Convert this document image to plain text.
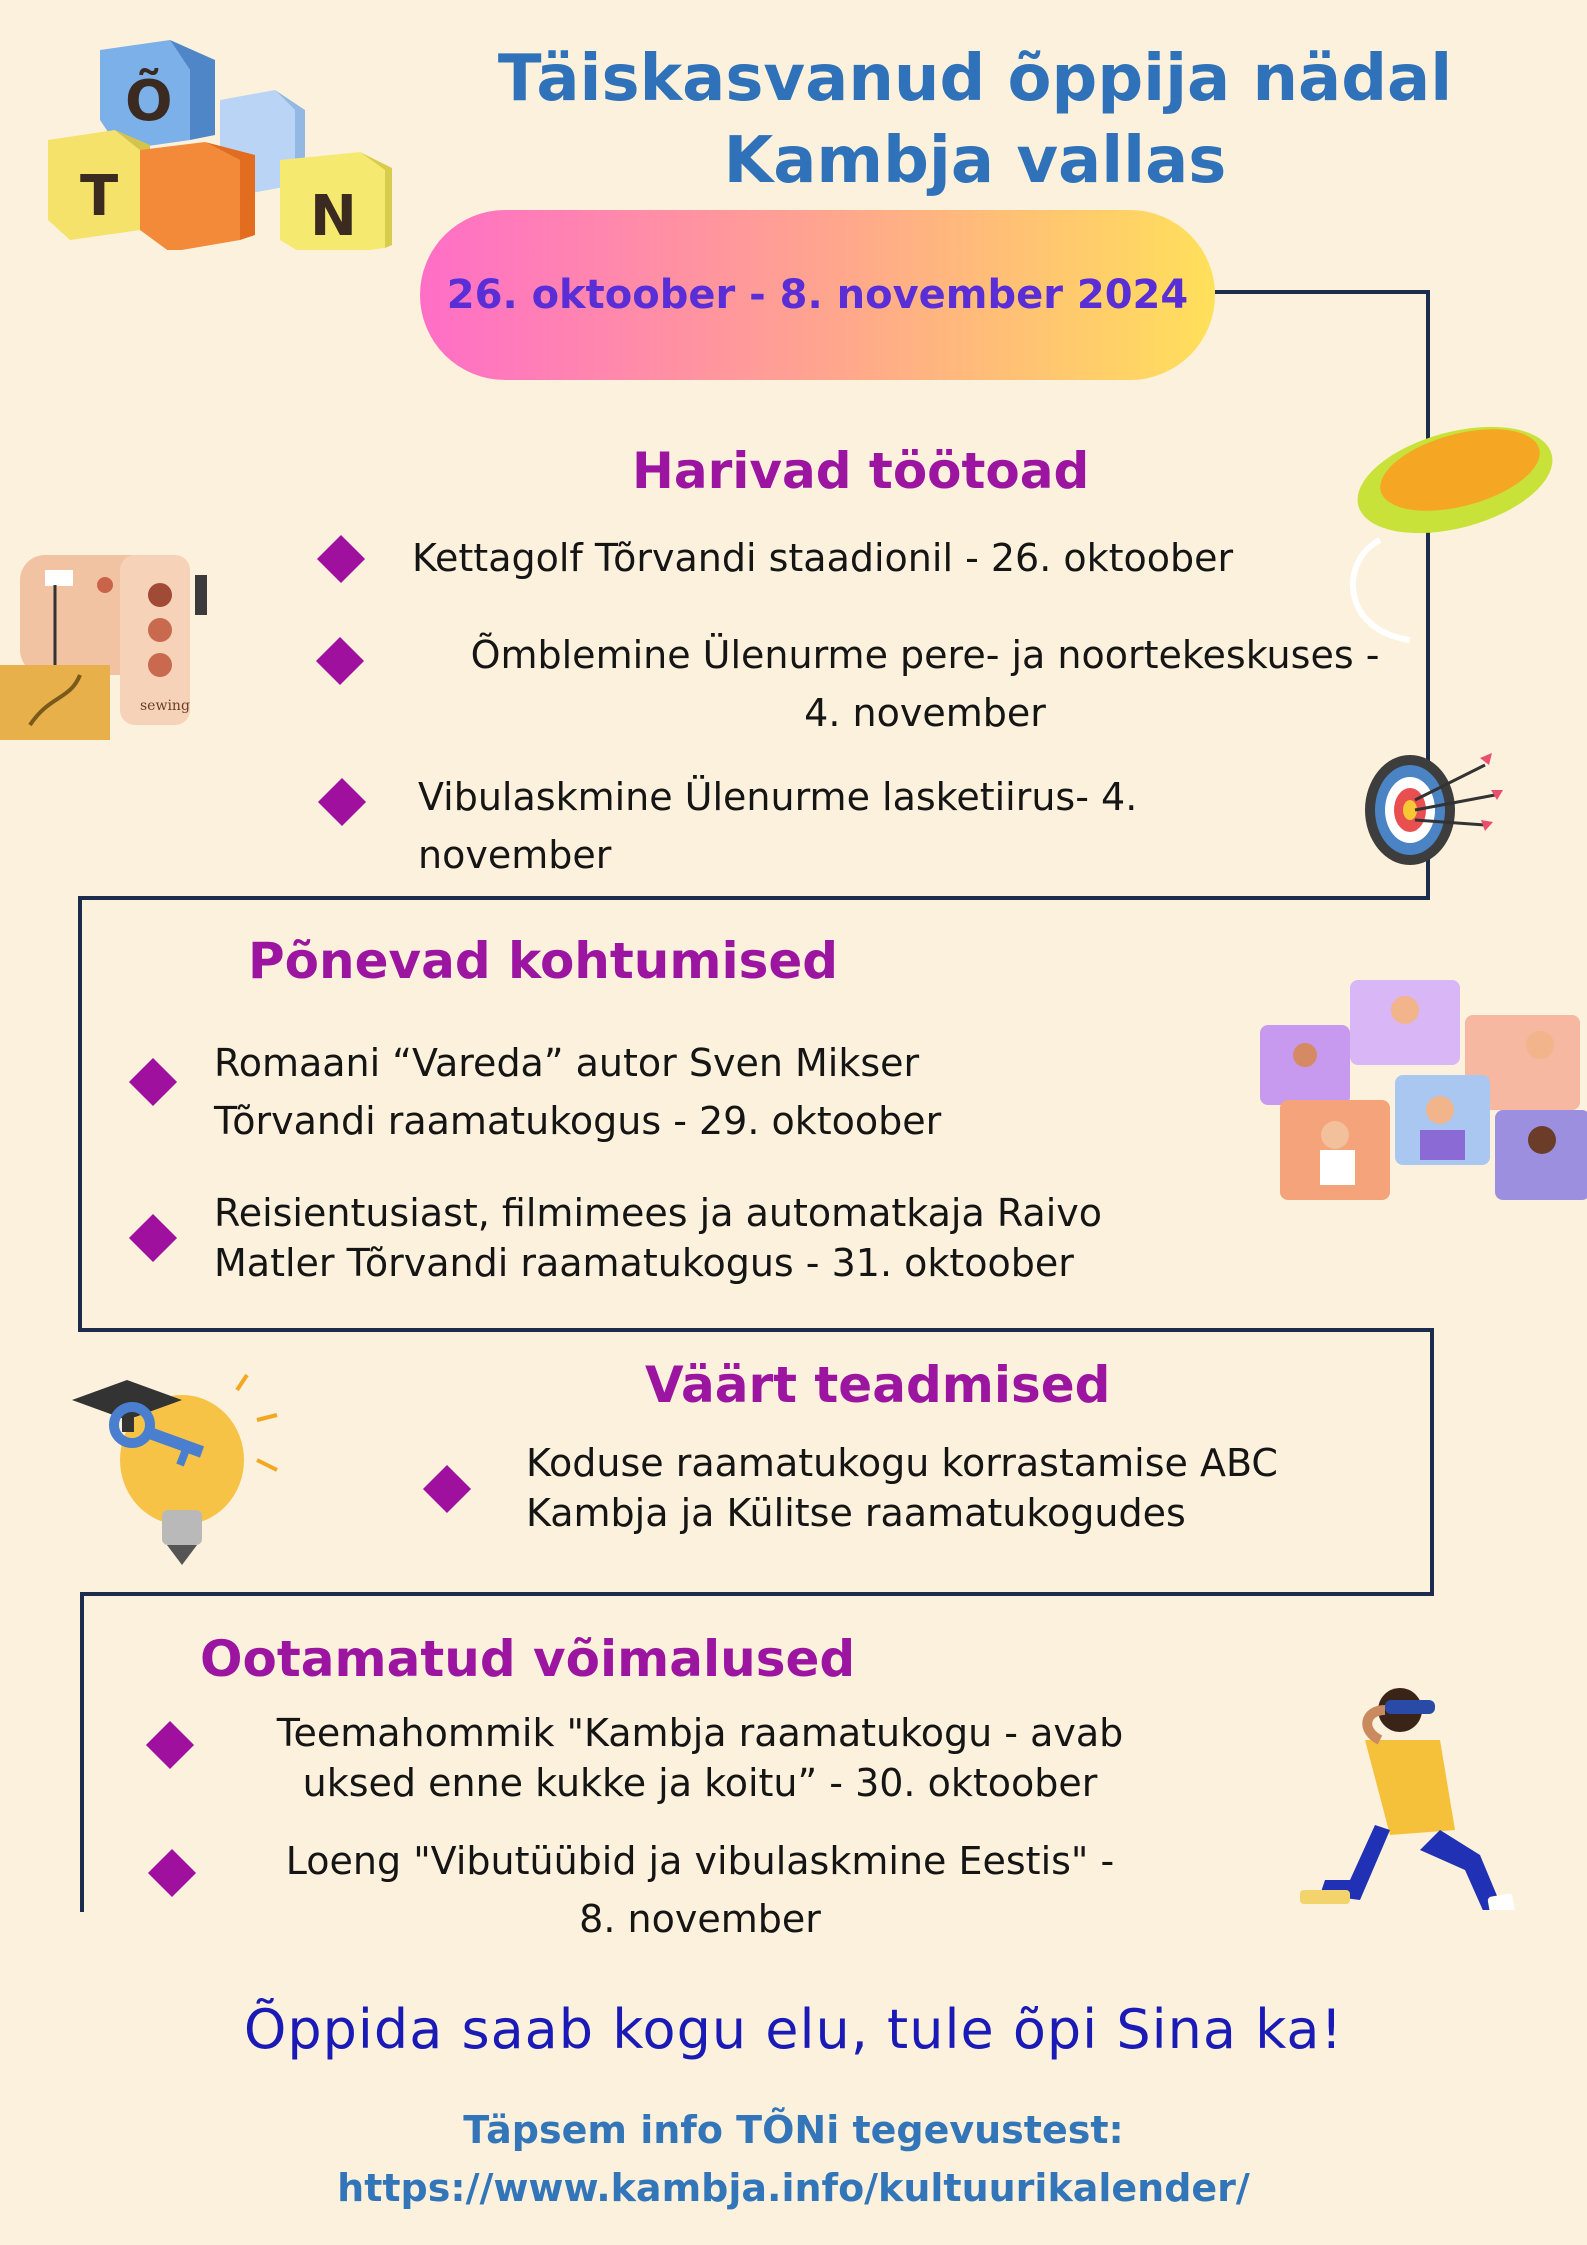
T
Õ
N
Täiskasvanud õppija nädal
Kambja vallas
26. oktoober - 8. november 2024
Harivad töötoad
Kettagolf Tõrvandi staadionil - 26. oktoober
Õmblemine Ülenurme pere- ja noortekeskuses -
4. november
Vibulaskmine Ülenurme lasketiirus- 4.
november
Põnevad kohtumised
Romaani “Vareda” autor Sven Mikser
Tõrvandi raamatukogus - 29. oktoober
Reisientusiast, filmimees ja automatkaja Raivo
Matler Tõrvandi raamatukogus - 31. oktoober
Väärt teadmised
Koduse raamatukogu korrastamise ABC
Kambja ja Külitse raamatukogudes
Ootamatud võimalused
Teemahommik "Kambja raamatukogu - avab
uksed enne kukke ja koitu” - 30. oktoober
Loeng "Vibutüübid ja vibulaskmine Eestis" -
8. november
sewing
Õppida saab kogu elu, tule õpi Sina ka!
Täpsem info TÕNi tegevustest:
https://www.kambja.info/kultuurikalender/
